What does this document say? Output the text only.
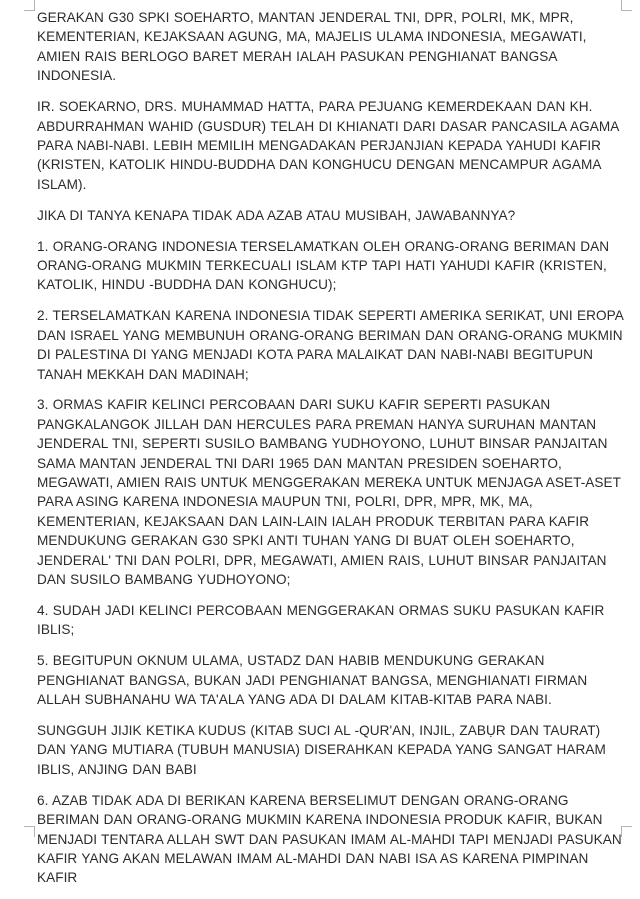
GERAKAN G30 SPKI SOEHARTO, MANTAN JENDERAL TNI, DPR, POLRI, MK, MPR, KEMENTERIAN, KEJAKSAAN AGUNG, MA, MAJELIS ULAMA INDONESIA, MEGAWATI, AMIEN RAIS BERLOGO BARET MERAH IALAH PASUKAN PENGHIANAT BANGSA INDONESIA.

IR. SOEKARNO, DRS. MUHAMMAD HATTA, PARA PEJUANG KEMERDEKAAN DAN KH. ABDURRAHMAN WAHID (GUSDUR) TELAH DI KHIANATI DARI DASAR PANCASILA AGAMA PARA NABI-NABI. LEBIH MEMILIH MENGADAKAN PERJANJIAN KEPADA YAHUDI KAFIR (KRISTEN, KATOLIK HINDU-BUDDHA DAN KONGHUCU DENGAN MENCAMPUR AGAMA ISLAM).

JIKA DI TANYA KENAPA TIDAK ADA AZAB ATAU MUSIBAH, JAWABANNYA?

1. ORANG-ORANG INDONESIA TERSELAMATKAN OLEH ORANG-ORANG BERIMAN DAN ORANG-ORANG MUKMIN TERKECUALI ISLAM KTP TAPI HATI YAHUDI KAFIR (KRISTEN, KATOLIK, HINDU -BUDDHA DAN KONGHUCU);

2. TERSELAMATKAN KARENA INDONESIA TIDAK SEPERTI AMERIKA SERIKAT, UNI EROPA DAN ISRAEL YANG MEMBUNUH ORANG-ORANG BERIMAN DAN ORANG-ORANG MUKMIN DI PALESTINA DI YANG MENJADI KOTA PARA MALAIKAT DAN NABI-NABI BEGITUPUN TANAH MEKKAH DAN MADINAH;

3. ORMAS KAFIR KELINCI PERCOBAAN DARI SUKU KAFIR SEPERTI PASUKAN PANGKALANGOK JILLAH DAN HERCULES PARA PREMAN HANYA SURUHAN MANTAN JENDERAL TNI, SEPERTI SUSILO BAMBANG YUDHOYONO, LUHUT BINSAR PANJAITAN SAMA MANTAN JENDERAL TNI DARI 1965 DAN MANTAN PRESIDEN SOEHARTO, MEGAWATI, AMIEN RAIS UNTUK MENGGERAKAN MEREKA UNTUK MENJAGA ASET-ASET PARA ASING KARENA INDONESIA MAUPUN TNI, POLRI, DPR, MPR, MK, MA, KEMENTERIAN, KEJAKSAAN DAN LAIN-LAIN IALAH PRODUK TERBITAN PARA KAFIR MENDUKUNG GERAKAN G30 SPKI ANTI TUHAN YANG DI BUAT OLEH SOEHARTO, JENDERAL' TNI DAN POLRI, DPR, MEGAWATI, AMIEN RAIS, LUHUT BINSAR PANJAITAN DAN SUSILO BAMBANG YUDHOYONO;

4. SUDAH JADI KELINCI PERCOBAAN MENGGERAKAN ORMAS SUKU PASUKAN KAFIR IBLIS;

5. BEGITUPUN OKNUM ULAMA, USTADZ DAN HABIB MENDUKUNG GERAKAN PENGHIANAT BANGSA, BUKAN JADI PENGHIANAT BANGSA, MENGHIANATI FIRMAN ALLAH SUBHANAHU WA TA'ALA YANG ADA DI DALAM KITAB-KITAB PARA NABI.

SUNGGUH JIJIK KETIKA KUDUS (KITAB SUCI AL -QUR'AN, INJIL, ZABỤR DAN TAURAT) DAN YANG MUTIARA (TUBUH MANUSIA) DISERAHKAN KEPADA YANG SANGAT HARAM IBLIS, ANJING DAN BABI

6. AZAB TIDAK ADA DI BERIKAN KARENA BERSELIMUT DENGAN ORANG-ORANG BERIMAN DAN ORANG-ORANG MUKMIN KARENA INDONESIA PRODUK KAFIR, BUKAN MENJADI TENTARA ALLAH SWT DAN PASUKAN IMAM AL-MAHDI TAPI MENJADI PASUKAN KAFIR YANG AKAN MELAWAN IMAM AL-MAHDI DAN NABI ISA AS KARENA PIMPINAN KAFIR
